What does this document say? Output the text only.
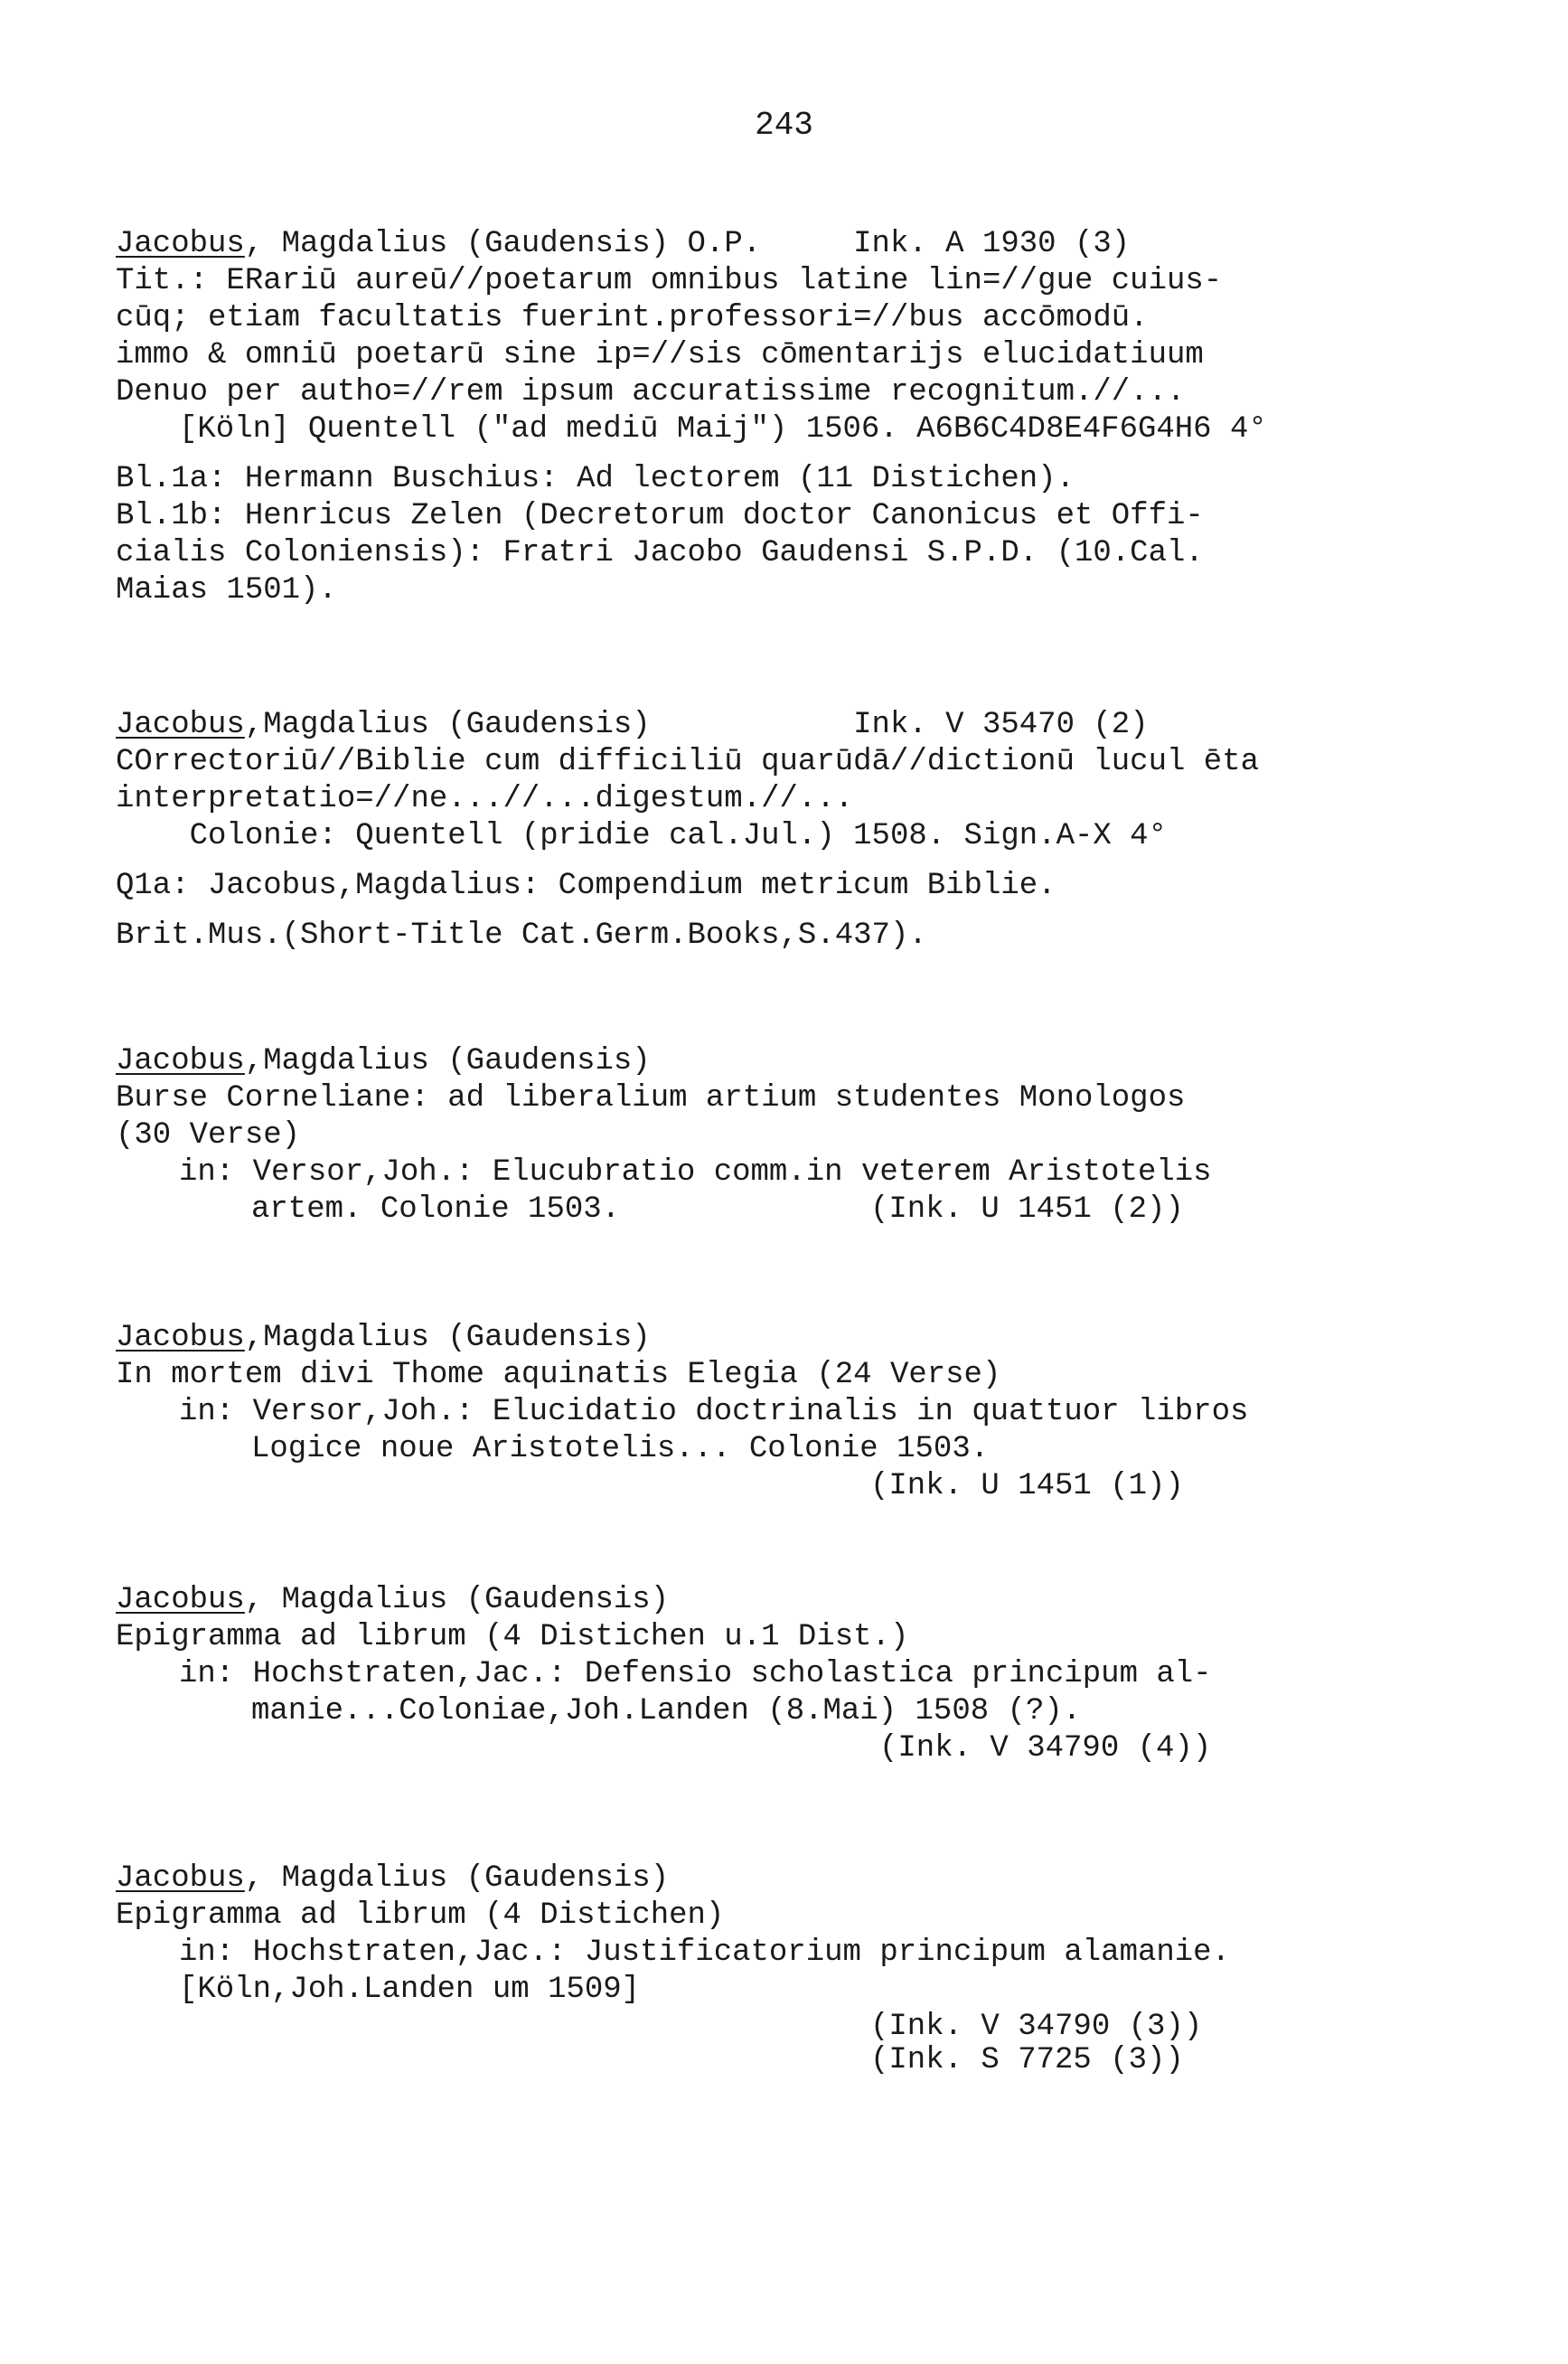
243
Jacobus, Magdalius (Gaudensis) O.P.     Ink. A 1930 (3)
Tit.: ERariū aureū//poetarum omnibus latine lin=//gue cuius-
cūq; etiam facultatis fuerint.professori=//bus accōmodū.
immo & omniū poetarū sine ip=//sis cōmentarijs elucidatiuum
Denuo per autho=//rem ipsum accuratissime recognitum.//...
[Köln] Quentell ("ad mediū Maij") 1506. A6B6C4D8E4F6G4H6 4°
Bl.1a: Hermann Buschius: Ad lectorem (11 Distichen).
Bl.1b: Henricus Zelen (Decretorum doctor Canonicus et Offi-
cialis Coloniensis): Fratri Jacobo Gaudensi S.P.D. (10.Cal.
Maias 1501).
Jacobus,Magdalius (Gaudensis)           Ink. V 35470 (2)
COrrectoriū//Biblie cum difficiliū quarūdā//dictionū lucul ēta
interpretatio=//ne...//...digestum.//...
Colonie: Quentell (pridie cal.Jul.) 1508. Sign.A-X 4°
Q1a: Jacobus,Magdalius: Compendium metricum Biblie.
Brit.Mus.(Short-Title Cat.Germ.Books,S.437).
Jacobus,Magdalius (Gaudensis)
Burse Corneliane: ad liberalium artium studentes Monologos
(30 Verse)
in: Versor,Joh.: Elucubratio comm.in veterem Aristotelis
artem. Colonie 1503.	(Ink. U 1451 (2))
Jacobus,Magdalius (Gaudensis)
In mortem divi Thome aquinatis Elegia (24 Verse)
in: Versor,Joh.: Elucidatio doctrinalis in quattuor libros
Logice noue Aristotelis... Colonie 1503.
(Ink. U 1451 (1))
Jacobus, Magdalius (Gaudensis)
Epigramma ad librum (4 Distichen u.1 Dist.)
in: Hochstraten,Jac.: Defensio scholastica principum al-
manie...Coloniae,Joh.Landen (8.Mai) 1508 (?).
(Ink. V 34790 (4))
Jacobus, Magdalius (Gaudensis)
Epigramma ad librum (4 Distichen)
in: Hochstraten,Jac.: Justificatorium principum alamanie.
[Köln,Joh.Landen um 1509]
(Ink. V 34790 (3))
(Ink. S 7725 (3))
